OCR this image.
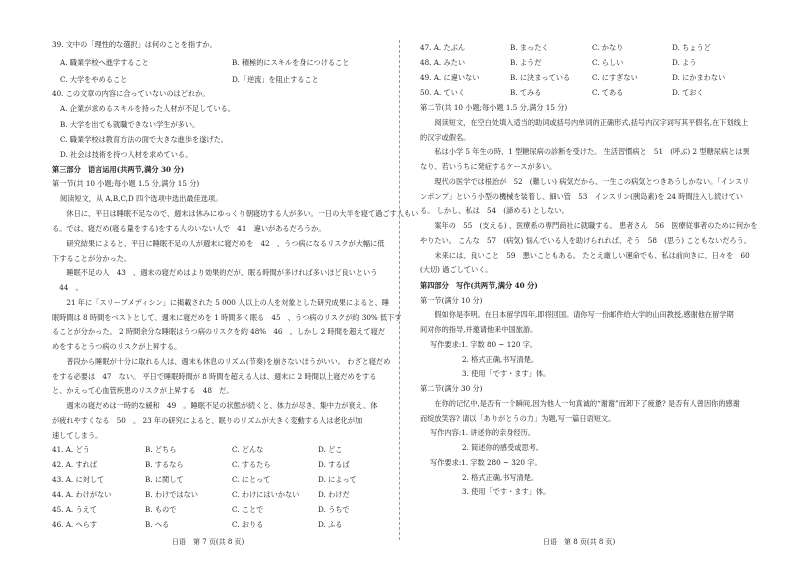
39. 文中の「理性的な選択」は何のことを指すか。
A. 職業学校へ進学すること	B. 積極的にスキルを身につけること
C. 大学をやめること	D.「逆流」を阻止すること
40. この文章の内容に合っていないのはどれか。
A. 企業が求めるスキルを持った人材が不足している。
B. 大学を出ても就職できない学生が多い。
C. 職業学校は教育方法の面で大きな進歩を遂げた。
D. 社会は技術を持つ人材を求めている。
第三部分　语言运用(共两节,满分 30 分)
第一节(共 10 小题;每小题 1.5 分,满分 15 分)
阅读短文，从 A,B,C,D 四个选项中选出最佳选项。
　　休日に、平日は睡眠不足なので、週末は休みにゆっくり朝寝坊する人が多い。一日の大半を寝て過ごす人もい
る。では、寝だめ(寝る量をする)をする人のいない人で　41　違いがあるだろうか。
　　研究結果によると、平日に睡眠不足の人が週末に寝だめを　42　、うつ病になるリスクが大幅に低
下することが分かった。
　　睡眠不足の人　43　、週末の寝だめはより効果的だが、眠る時間が多ければ多いほど良いという
　44　。
　　21 年に「スリープメディシン」に掲載された 5 000 人以上の人を対象とした研究成果によると、睡
眠時間は 8 時間をベストとして、週末に寝だめを 1 時間多く眠る　45　、うつ病のリスクが約 30% 低下す
ることが分かった。 2 時間余分な睡眠はうつ病のリスクを約 48%　46　。しかし 2 時間を超えて寝だ
めをするとうつ病のリスクが上昇する。
　　普段から睡眠が十分に取れる人は、週末も休息のリズム(节奏)を崩さないほうがいい。 わざと寝だめ
をする必要は　47　ない。 平日で睡眠時間が 8 時間を超える人は、週末に 2 時間以上寝だめをする
と、かえって心血管疾患のリスクが上昇する　48　だ。
　　週末の寝だめは一時的な緩和　49　。睡眠不足の状態が続くと、体力が尽き、集中力が衰え、体
が疲れやすくなる　50　。 23 年の研究によると、眠りのリズムが大きく変動する人は老化が加
速してしまう。
41. A. どう	B. どちら	C. どんな	D. どこ
42. A. すれば	B. するなら	C. するたら	D. するば
43. A. に対して	B. に関して	C. にとって	D. によって
44. A. わけがない	B. わけではない	C. わけにはいかない	D. わけだ
45. A. うえて	B. もので	C. ことで	D. うちで
46. A. へらす	B. へる	C. おりる	D. ふる
日语　第 7 页(共 8 页)
47. A. たぶん	B. まったく	C. かなり	D. ちょうど
48. A. みたい	B. ようだ	C. らしい	D. よう
49. A. に違いない	B. に決まっている	C. にすぎない	D. にかまわない
50. A. ていく	B. てみる	C. てある	D. ておく
第二节(共 10 小题;每小题 1.5 分,满分 15 分)
　　阅读短文，在空白处填入适当的助词或括号内单词的正确形式,括号内汉字词写其平假名,在下划线上
的汉字或假名。
　　私は小学 5 年生の時、1 型糖尿病の診断を受けた。 生活習慣病と　51　(呼ぶ) 2 型糖尿病とは異
なり、若いうちに発症するケースが多い。
　　現代の医学では根治が　52　(難しい) 病気だから、一生この病気とつきあうしかない。「インスリ
ンポンプ」という小型の機械を装着し、細い管　53　インスリン(胰岛素)を 24 時間注入し続けてい
る。 しかし、私は　54　(諦める) としない。
　　案年の　55　(支える) 、医療系の専門商社に就職する。 患者さん　56　医療従事者のために何かを
やりたい。 こんな　57　(病気) 悩んでいる人を助けられれば、そう　58　(思う) こともないだろう。
　　未来には、良いこと　59　悪いこともある。 たとえ厳しい運命でも、私は前向きに、日々を　60
(大切) 過ごしていく。
第四部分　写作(共两节,满分 40 分)
第一节(满分 10 分)
　　假如你是李明。在日本留学四年,即将回国。请你写一份邮件给大学的山田教授,感谢他在留学期
间对你的指导,并邀请他来中国旅游。
写作要求:1. 字数 80 ~ 120 字。
2. 格式正确,书写清楚。
3. 使用「です・ます」体。
第二节(满分 30 分)
　　在你的记忆中,是否有一个瞬间,因为他人一句真诚的“谢谢”而卸下了疲惫? 是否有人曾因你的感谢
而绽放笑容? 请以「ありがとうの力」为题,写一篇日语短文。
写作内容:1. 讲述你的亲身经历。
2. 简述你的感受或思考。
写作要求:1. 字数 280 ~ 320 字。
2. 格式正确,书写清楚。
3. 使用「です・ます」体。
日语　第 8 页(共 8 页)
